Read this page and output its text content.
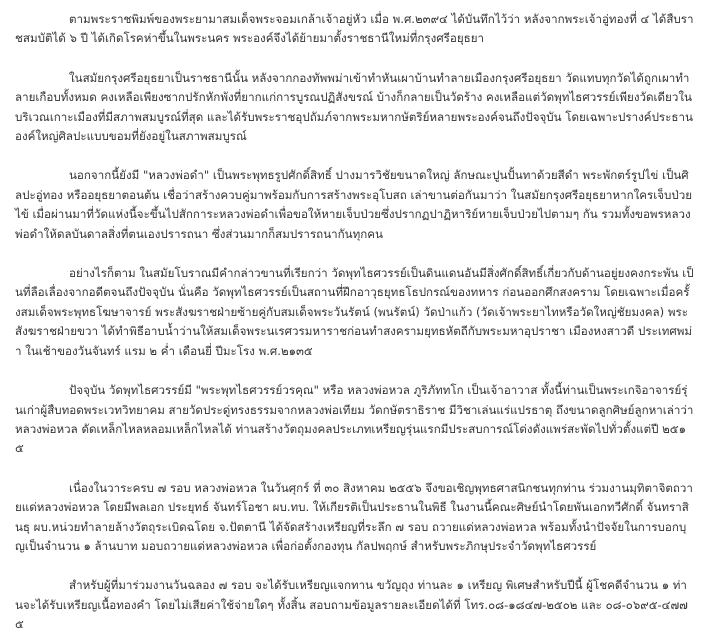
ตามพระราชพิมพ์ของพระยามาสมเด็จพระจอมเกล้าเจ้าอยู่หัว เมื่อ พ.ศ.๒๓๙๔ ได้บันทึกไว้ว่า หลังจากพระเจ้าอู่ทองที่ ๔ ได้สืบราชสมบัติได้ ๖ ปี ได้เกิดโรคห่าขึ้นในพระนคร พระองค์จึงได้ย้ายมาตั้งราชธานีใหม่ที่กรุงศรีอยุธยา

ในสมัยกรุงศรีอยุธยาเป็นราชธานีนั้น หลังจากกองทัพพม่าเข้าทำหันเผาบ้านทำลายเมืองกรุงศรีอยุธยา วัดแทบทุกวัดได้ถูกเผาทำลายเกือบทั้งหมด คงเหลือเพียงซากปรักหักพังที่ยากแก่การบูรณปฏิสังขรณ์ บ้างก็กลายเป็นวัดร้าง คงเหลือแต่วัดพุทไธศวรรย์เพียงวัดเดียวในบริเวณเกาะเมืองที่มีสภาพสมบูรณ์ที่สุด และได้รับพระราชอุปถัมภ์จากพระมหากษัตริย์หลายพระองค์จนถึงปัจจุบัน โดยเฉพาะปรางค์ประธาน องค์ใหญ่ศิลปะแบบขอมที่ยังอยู่ในสภาพสมบูรณ์

นอกจากนี้ยังมี "หลวงพ่อดำ" เป็นพระพุทธรูปศักดิ์สิทธิ์ ปางมารวิชัยขนาดใหญ่ ลักษณะปูนปั้นทาด้วยสีดำ พระพักตร์รูปไข่ เป็นศิลปะอู่ทอง หรืออยุธยาตอนต้น เชื่อว่าสร้างควบคู่มาพร้อมกับการสร้างพระอุโบสถ เล่าขานต่อกันมาว่า ในสมัยกรุงศรีอยุธยาหากใครเจ็บป่วยไข้ เมื่อผ่านมาที่วัดแห่งนี้จะขึ้นไปสักการะหลวงพ่อดำเพื่อขอให้หายเจ็บป่วยซึ่งปรากฏปาฏิหาริย์หายเจ็บป่วยไปตามๆ กัน รวมทั้งขอพรหลวงพ่อดำให้ดลบันดาลสิ่งที่ตนเองปรารถนา ซึ่งส่วนมากก็สมปรารถนากันทุกคน

อย่างไรก็ตาม ในสมัยโบราณมีคำกล่าวขานที่เรียกว่า วัดพุทไธศวรรย์เป็นดินแดนอันมีสิ่งศักดิ์สิทธิ์เกี่ยวกับด้านอยู่ยงคงกระพัน เป็นที่ลือเลื่องจากอดีตจนถึงปัจจุบัน นั่นคือ วัดพุทไธศวรรย์เป็นสถานที่ฝึกอาวุธยุทธโธปกรณ์ของทหาร ก่อนออกศึกสงคราม โดยเฉพาะเมื่อครั้งสมเด็จพระพุทธโฆษาจารย์ พระสังฆราชฝ่ายซ้ายคู่กับสมเด็จพระวันรัตน์ (พนรัตน์) วัดป่าแก้ว (วัดเจ้าพระยาไทหรือวัดใหญ่ชัยมงคล) พระสังฆราชฝ่ายขวา ได้ทำพิธีอาบน้ำว่านให้สมเด็จพระนเรศวรมหาราชก่อนทำสงครามยุทธหัตถีกับพระมหาอุปราชา เมืองหงสาวดี ประเทศพม่า ในเช้าของวันจันทร์ แรม ๒ ค่ำ เดือนยี่ ปีมะโรง พ.ศ.๒๑๓๕

ปัจจุบัน วัดพุทไธศวรรย์มี "พระพุทไธศวรรย์วรคุณ" หรือ หลวงพ่อหวล ภูริภัททโก เป็นเจ้าอาวาส ทั้งนี้ท่านเป็นพระเกจิอาจารย์รุ่นเก่าผู้สืบทอดพระเวทวิทยาคม สายวัดประดู่ทรงธรรมจากหลวงพ่อเทียม วัดกษัตราธิราช มีวิชาเล่นแร่แปรธาตุ ถึงขนาดลูกศิษย์ลูกหาเล่าว่า หลวงพ่อหวล ดัดเหล็กไหลหลอมเหล็กไหลได้ ท่านสร้างวัตถุมงคลประเภทเหรียญรุ่นแรกมีประสบการณ์โด่งดังแพร่สะพัดไปทั่วตั้งแต่ปี ๒๕๑๕

เนื่องในวาระครบ ๗ รอบ หลวงพ่อหวล ในวันศุกร์ ที่ ๓๐ สิงหาคม ๒๕๕๖ จึงขอเชิญพุทธศาสนิกชนทุกท่าน ร่วมงานมุทิตาจิตถวายแด่หลวงพ่อหวล โดยมีพลเอก ประยุทธ์ จันทร์โอชา ผบ.ทบ. ให้เกียรติเป็นประธานในพิธี ในงานนี้คณะศิษย์นำโดยพันเอกทวีศักดิ์ จันทราสินธุ ผบ.หน่วยทำลายล้างวัตถุระเบิดฉโดย จ.ปัตตานี ได้จัดสร้างเหรียญที่ระลึก ๗ รอบ ถวายแด่หลวงพ่อหวล พร้อมทั้งนำปัจจัยในการบอกบุญเป็นจำนวน ๑ ล้านบาท มอบถวายแด่หลวงพ่อหวล เพื่อก่อตั้งกองทุน กัลปพฤกษ์ สำหรับพระภิกษุประจำวัดพุทไธศวรรย์

สำหรับผู้ที่มาร่วมงานวันฉลอง ๗ รอบ จะได้รับเหรียญแจกทาน ขวัญถุง ท่านละ ๑ เหรียญ พิเศษสำหรับปีนี้ ผู้โชคดีจำนวน ๑ ท่านจะได้รับเหรียญเนื้อทองคำ โดยไม่เสียค่าใช้จ่ายใดๆ ทั้งสิ้น สอบถามข้อมูลรายละเอียดได้ที่ โทร.๐๘-๑๘๔๗-๒๕๐๒ และ ๐๘-๐๖๙๕-๔๗๗๕
